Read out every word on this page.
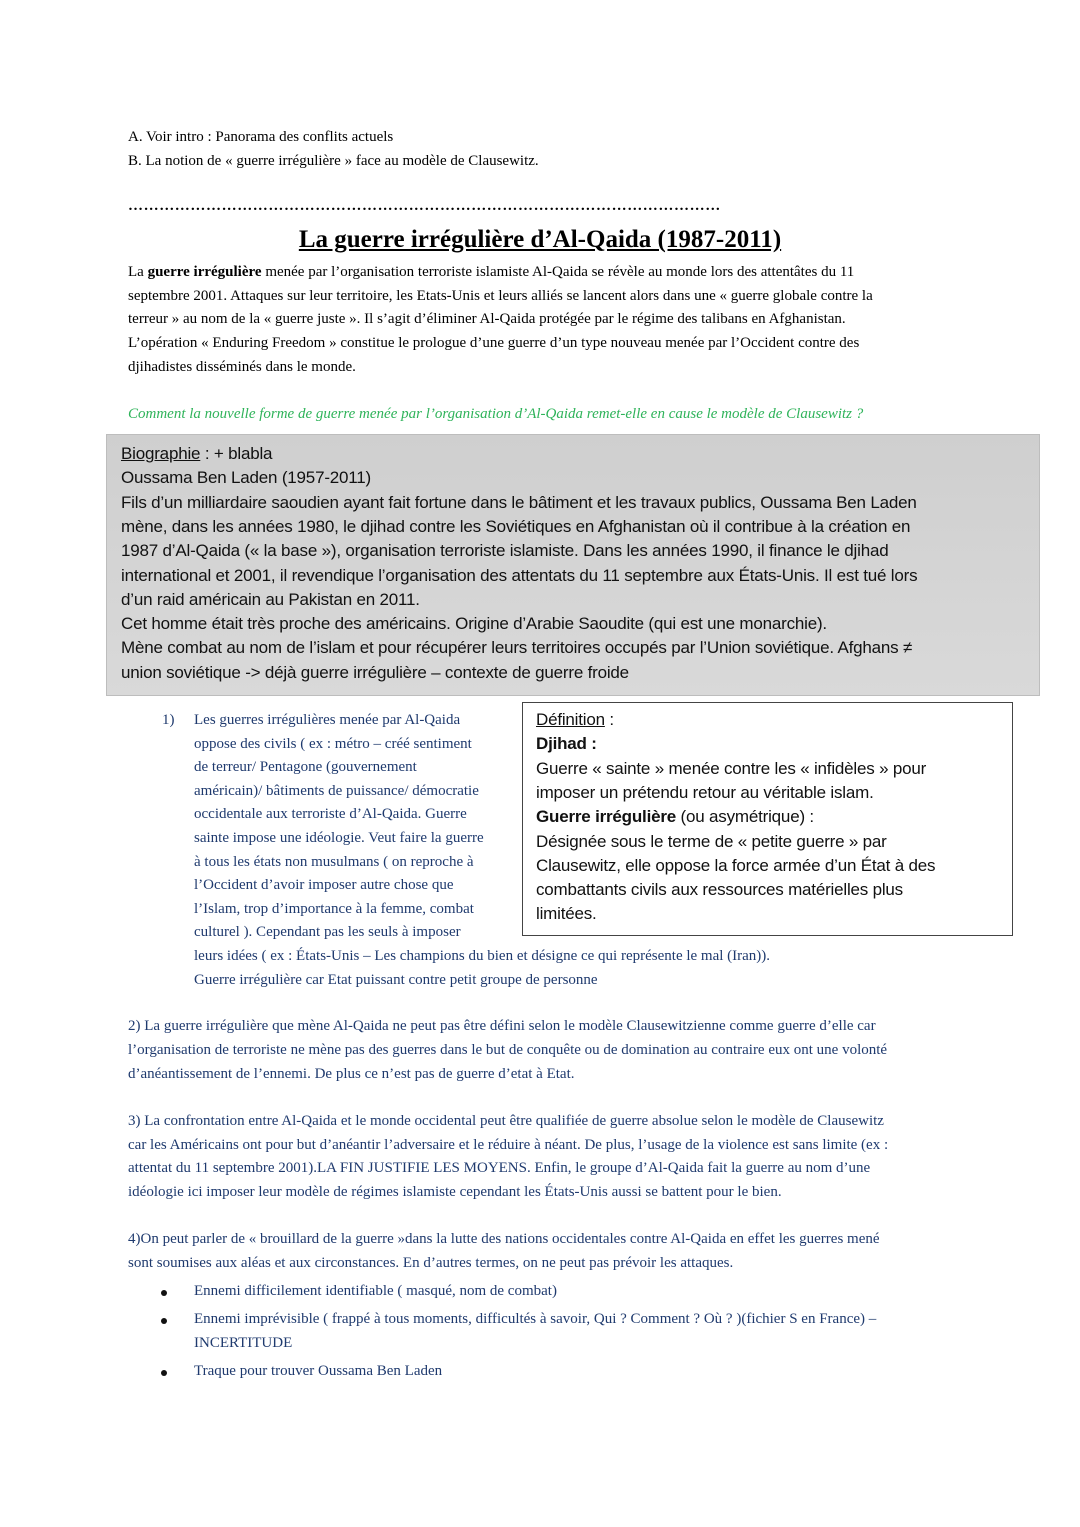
……………………………………………………………………………………………………
La guerre irrégulière d’Al-Qaida (1987-2011)
1)
A. Voir intro : Panorama des conflits actuels
B. La notion de « guerre irrégulière » face au modèle de Clausewitz.
La guerre irrégulière menée par l’organisation terroriste islamiste Al-Qaida se révèle au monde lors des attentâtes du 11
septembre 2001. Attaques sur leur territoire, les Etats-Unis et leurs alliés se lancent alors dans une « guerre globale contre la
terreur » au nom de la « guerre juste ». Il s’agit d’éliminer Al-Qaida protégée par le régime des talibans en Afghanistan.
L’opération « Enduring Freedom » constitue le prologue d’une guerre d’un type nouveau menée par l’Occident contre des
djihadistes disséminés dans le monde.
Comment la nouvelle forme de guerre menée par l’organisation d’Al-Qaida remet-elle en cause le modèle de Clausewitz ?
Biographie : + blabla
Oussama Ben Laden (1957-2011)
Fils d’un milliardaire saoudien ayant fait fortune dans le bâtiment et les travaux publics, Oussama Ben Laden
mène, dans les années 1980, le djihad contre les Soviétiques en Afghanistan où il contribue à la création en
1987 d’Al-Qaida (« la base »), organisation terroriste islamiste. Dans les années 1990, il finance le djihad
international et 2001, il revendique l’organisation des attentats du 11 septembre aux États-Unis. Il est tué lors
d’un raid américain au Pakistan en 2011.
Cet homme était très proche des américains. Origine d’Arabie Saoudite (qui est une monarchie).
Mène combat au nom de l’islam et pour récupérer leurs territoires occupés par l’Union soviétique. Afghans ≠
union soviétique -> déjà guerre irrégulière – contexte de guerre froide
Les guerres irrégulières menée par Al-Qaida
oppose des civils ( ex : métro – créé sentiment
de terreur/ Pentagone (gouvernement
américain)/ bâtiments de puissance/ démocratie
occidentale aux terroriste d’Al-Qaida. Guerre
sainte impose une idéologie. Veut faire la guerre
à tous les états non musulmans ( on reproche à
l’Occident d’avoir imposer autre chose que
l’Islam, trop d’importance à la femme, combat
culturel ). Cependant pas les seuls à imposer
leurs idées ( ex : États-Unis – Les champions du bien et désigne ce qui représente le mal (Iran)).
Guerre irrégulière car Etat puissant contre petit groupe de personne
Définition :
Djihad :
Guerre « sainte » menée contre les « infidèles » pour
imposer un prétendu retour au véritable islam.
Guerre irrégulière (ou asymétrique) :
Désignée sous le terme de « petite guerre » par
Clausewitz, elle oppose la force armée d’un État à des
combattants civils aux ressources matérielles plus
limitées.
2) La guerre irrégulière que mène Al-Qaida ne peut pas être défini selon le modèle Clausewitzienne comme guerre d’elle car
l’organisation de terroriste ne mène pas des guerres dans le but de conquête ou de domination au contraire eux ont une volonté
d’anéantissement de l’ennemi. De plus ce n’est pas de guerre d’etat à Etat.
3) La confrontation entre Al-Qaida et le monde occidental peut être qualifiée de guerre absolue selon le modèle de Clausewitz
car les Américains ont pour but d’anéantir l’adversaire et le réduire à néant. De plus, l’usage de la violence est sans limite (ex :
attentat du 11 septembre 2001).LA FIN JUSTIFIE LES MOYENS. Enfin, le groupe d’Al-Qaida fait la guerre au nom d’une
idéologie ici imposer leur modèle de régimes islamiste cependant les États-Unis aussi se battent pour le bien.
4)On peut parler de « brouillard de la guerre »dans la lutte des nations occidentales contre Al-Qaida en effet les guerres mené
sont soumises aux aléas et aux circonstances. En d’autres termes, on ne peut pas prévoir les attaques.
Ennemi difficilement identifiable ( masqué, nom de combat)
Ennemi imprévisible ( frappé à tous moments, difficultés à savoir, Qui ? Comment ? Où ? )(fichier S en France) –
INCERTITUDE
Traque pour trouver Oussama Ben Laden
